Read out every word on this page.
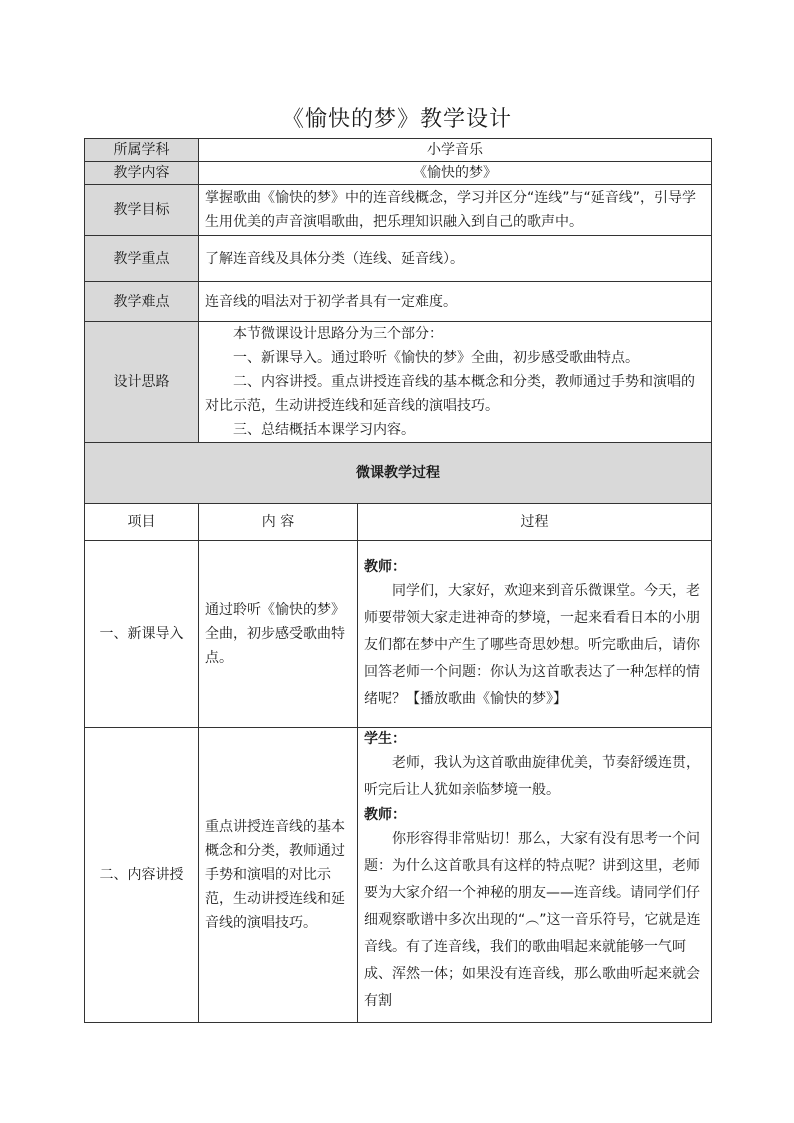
《愉快的梦》教学设计
所属学科	小学音乐	
教学内容	《愉快的梦》	
教学目标	掌握歌曲《愉快的梦》中的连音线概念，学习并区分“连线”与“延音线”，引导学生用优美的声音演唱歌曲，把乐理知识融入到自己的歌声中。	
教学重点	了解连音线及具体分类（连线、延音线）。	
教学难点	连音线的唱法对于初学者具有一定难度。	
设计思路	本节微课设计思路分为三个部分：
一、新课导入。通过聆听《愉快的梦》全曲，初步感受歌曲特点。
二、内容讲授。重点讲授连音线的基本概念和分类，教师通过手势和演唱的对比示范，生动讲授连线和延音线的演唱技巧。
三、总结概括本课学习内容。	

微课教学过程		
项目	内 容	过程
一、新课导入	通过聆听《愉快的梦》全曲，初步感受歌曲特点。	教师：
同学们，大家好，欢迎来到音乐微课堂。今天，老师要带领大家走进神奇的梦境，一起来看看日本的小朋友们都在梦中产生了哪些奇思妙想。听完歌曲后，请你回答老师一个问题：你认为这首歌表达了一种怎样的情绪呢？【播放歌曲《愉快的梦》】

二、内容讲授	重点讲授连音线的基本概念和分类，教师通过手势和演唱的对比示范，生动讲授连线和延音线的演唱技巧。	学生：
老师，我认为这首歌曲旋律优美，节奏舒缓连贯，听完后让人犹如亲临梦境一般。
教师：
你形容得非常贴切！那么，大家有没有思考一个问题：为什么这首歌具有这样的特点呢？讲到这里，老师要为大家介绍一个神秘的朋友——连音线。请同学们仔细观察歌谱中多次出现的“︵”这一音乐符号，它就是连音线。有了连音线，我们的歌曲唱起来就能够一气呵成、浑然一体；如果没有连音线，那么歌曲听起来就会有割
